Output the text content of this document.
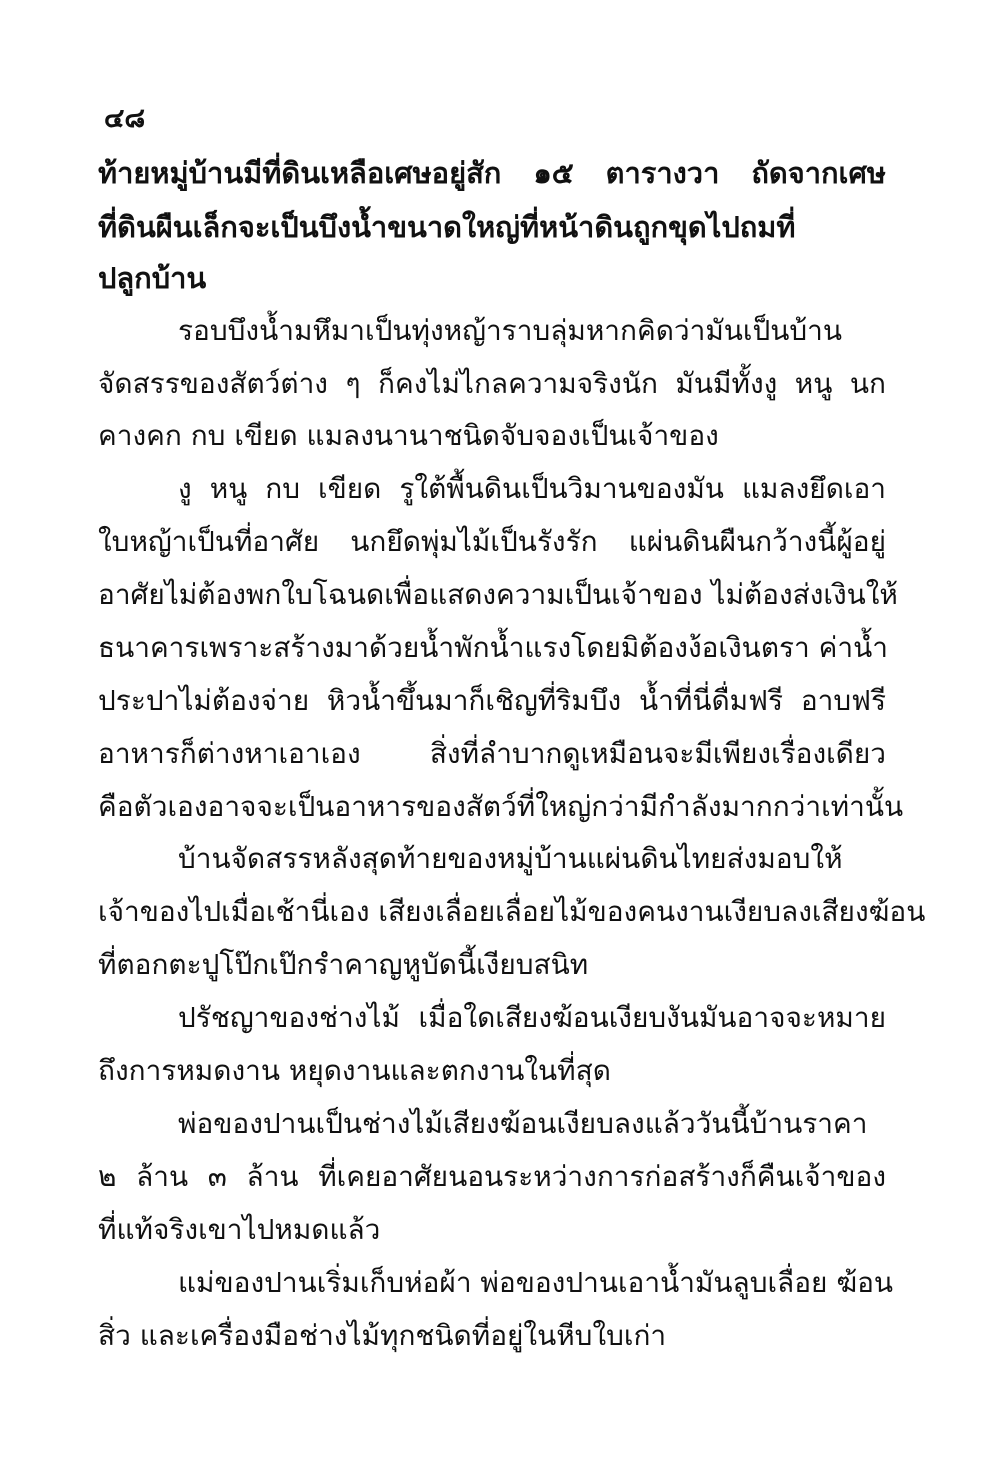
๔๘
ท้ายหมู่บ้านมีที่ดินเหลือเศษอยู่สัก ๑๕ ตารางวา ถัดจากเศษ
ที่ดินผืนเล็กจะเป็นบึงน้ำขนาดใหญ่ที่หน้าดินถูกขุดไปถมที่
ปลูกบ้าน
รอบบึงน้ำมหึมาเป็นทุ่งหญ้าราบลุ่มหากคิดว่ามันเป็นบ้าน
จัดสรรของสัตว์ต่าง ๆ ก็คงไม่ไกลความจริงนัก มันมีทั้งงู หนู นก
คางคก กบ เขียด แมลงนานาชนิดจับจองเป็นเจ้าของ
งู หนู กบ เขียด รูใต้พื้นดินเป็นวิมานของมัน แมลงยึดเอา
ใบหญ้าเป็นที่อาศัย นกยึดพุ่มไม้เป็นรังรัก แผ่นดินผืนกว้างนี้ผู้อยู่
อาศัยไม่ต้องพกใบโฉนดเพื่อแสดงความเป็นเจ้าของ ไม่ต้องส่งเงินให้
ธนาคารเพราะสร้างมาด้วยน้ำพักน้ำแรงโดยมิต้องง้อเงินตรา ค่าน้ำ
ประปาไม่ต้องจ่าย หิวน้ำขึ้นมาก็เชิญที่ริมบึง น้ำที่นี่ดื่มฟรี อาบฟรี
อาหารก็ต่างหาเอาเอง สิ่งที่ลำบากดูเหมือนจะมีเพียงเรื่องเดียว
คือตัวเองอาจจะเป็นอาหารของสัตว์ที่ใหญ่กว่ามีกำลังมากกว่าเท่านั้น
บ้านจัดสรรหลังสุดท้ายของหมู่บ้านแผ่นดินไทยส่งมอบให้
เจ้าของไปเมื่อเช้านี่เอง เสียงเลื่อยเลื่อยไม้ของคนงานเงียบลงเสียงฆ้อน
ที่ตอกตะปูโป๊กเป๊กรำคาญหูบัดนี้เงียบสนิท
ปรัชญาของช่างไม้ เมื่อใดเสียงฆ้อนเงียบงันมันอาจจะหมาย
ถึงการหมดงาน หยุดงานและตกงานในที่สุด
พ่อของปานเป็นช่างไม้เสียงฆ้อนเงียบลงแล้ววันนี้บ้านราคา
๒ ล้าน ๓ ล้าน ที่เคยอาศัยนอนระหว่างการก่อสร้างก็คืนเจ้าของ
ที่แท้จริงเขาไปหมดแล้ว
แม่ของปานเริ่มเก็บห่อผ้า พ่อของปานเอาน้ำมันลูบเลื่อย ฆ้อน
สิ่ว และเครื่องมือช่างไม้ทุกชนิดที่อยู่ในหีบใบเก่า
